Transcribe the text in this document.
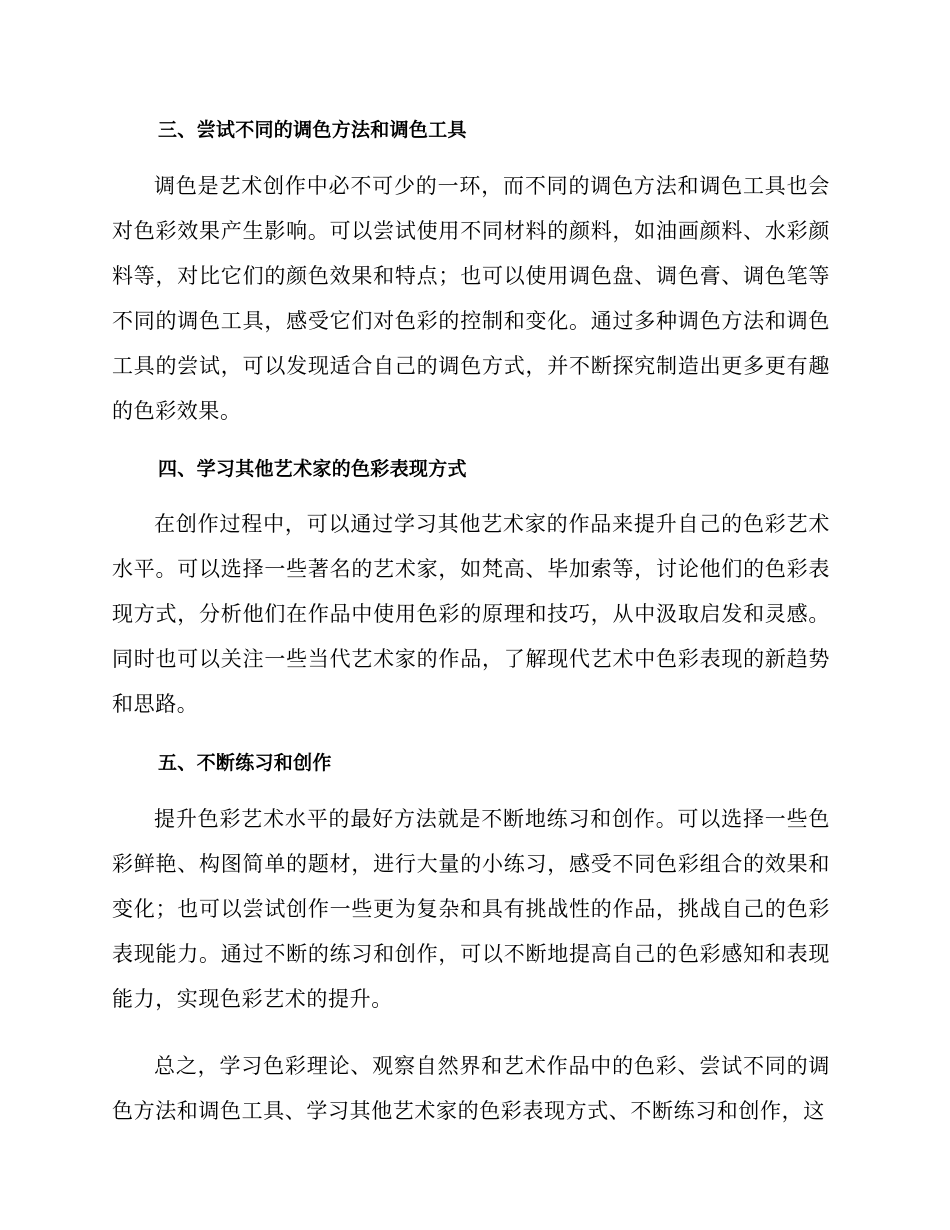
三、尝试不同的调色方法和调色工具

调色是艺术创作中必不可少的一环，而不同的调色方法和调色工具也会对色彩效果产生影响。可以尝试使用不同材料的颜料，如油画颜料、水彩颜料等，对比它们的颜色效果和特点；也可以使用调色盘、调色膏、调色笔等不同的调色工具，感受它们对色彩的控制和变化。通过多种调色方法和调色工具的尝试，可以发现适合自己的调色方式，并不断探究制造出更多更有趣的色彩效果。

四、学习其他艺术家的色彩表现方式

在创作过程中，可以通过学习其他艺术家的作品来提升自己的色彩艺术水平。可以选择一些著名的艺术家，如梵高、毕加索等，讨论他们的色彩表现方式，分析他们在作品中使用色彩的原理和技巧，从中汲取启发和灵感。同时也可以关注一些当代艺术家的作品，了解现代艺术中色彩表现的新趋势和思路。

五、不断练习和创作

提升色彩艺术水平的最好方法就是不断地练习和创作。可以选择一些色彩鲜艳、构图简单的题材，进行大量的小练习，感受不同色彩组合的效果和变化；也可以尝试创作一些更为复杂和具有挑战性的作品，挑战自己的色彩表现能力。通过不断的练习和创作，可以不断地提高自己的色彩感知和表现能力，实现色彩艺术的提升。

总之，学习色彩理论、观察自然界和艺术作品中的色彩、尝试不同的调色方法和调色工具、学习其他艺术家的色彩表现方式、不断练习和创作，这
